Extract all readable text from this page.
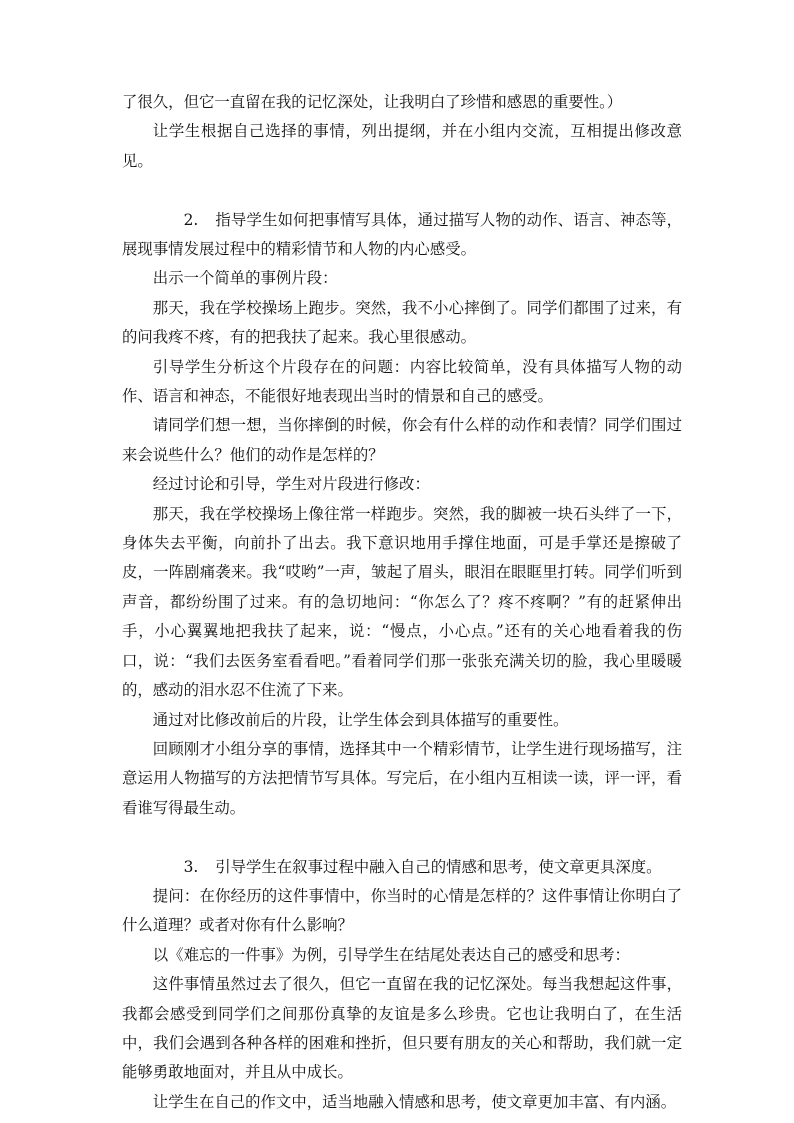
了很久，但它一直留在我的记忆深处，让我明白了珍惜和感恩的重要性。）

让学生根据自己选择的事情，列出提纲，并在小组内交流，互相提出修改意见。

2. 指导学生如何把事情写具体，通过描写人物的动作、语言、神态等，展现事情发展过程中的精彩情节和人物的内心感受。

出示一个简单的事例片段：

那天，我在学校操场上跑步。突然，我不小心摔倒了。同学们都围了过来，有的问我疼不疼，有的把我扶了起来。我心里很感动。

引导学生分析这个片段存在的问题：内容比较简单，没有具体描写人物的动作、语言和神态，不能很好地表现出当时的情景和自己的感受。

请同学们想一想，当你摔倒的时候，你会有什么样的动作和表情？同学们围过来会说些什么？他们的动作是怎样的？

经过讨论和引导，学生对片段进行修改：

那天，我在学校操场上像往常一样跑步。突然，我的脚被一块石头绊了一下，身体失去平衡，向前扑了出去。我下意识地用手撑住地面，可是手掌还是擦破了皮，一阵剧痛袭来。我“哎哟”一声，皱起了眉头，眼泪在眼眶里打转。同学们听到声音，都纷纷围了过来。有的急切地问：“你怎么了？疼不疼啊？”有的赶紧伸出手，小心翼翼地把我扶了起来，说：“慢点，小心点。”还有的关心地看着我的伤口，说：“我们去医务室看看吧。”看着同学们那一张张充满关切的脸，我心里暖暖的，感动的泪水忍不住流了下来。

通过对比修改前后的片段，让学生体会到具体描写的重要性。

回顾刚才小组分享的事情，选择其中一个精彩情节，让学生进行现场描写，注意运用人物描写的方法把情节写具体。写完后，在小组内互相读一读，评一评，看看谁写得最生动。

3. 引导学生在叙事过程中融入自己的情感和思考，使文章更具深度。

提问：在你经历的这件事情中，你当时的心情是怎样的？这件事情让你明白了什么道理？或者对你有什么影响？

以《难忘的一件事》为例，引导学生在结尾处表达自己的感受和思考：

这件事情虽然过去了很久，但它一直留在我的记忆深处。每当我想起这件事，我都会感受到同学们之间那份真挚的友谊是多么珍贵。它也让我明白了，在生活中，我们会遇到各种各样的困难和挫折，但只要有朋友的关心和帮助，我们就一定能够勇敢地面对，并且从中成长。

让学生在自己的作文中，适当地融入情感和思考，使文章更加丰富、有内涵。
